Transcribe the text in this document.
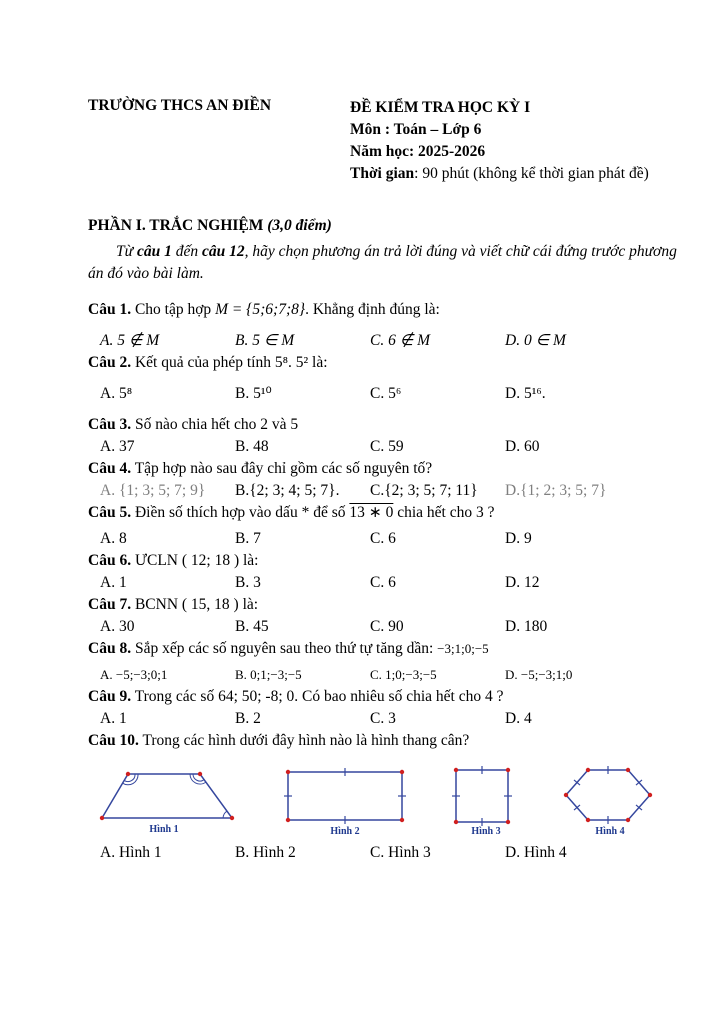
TRƯỜNG THCS AN ĐIỀN	ĐỀ KIỂM TRA HỌC KỲ I
Môn : Toán – Lớp 6
Năm học: 2025-2026
Thời gian: 90 phút (không kể thời gian phát đề)
PHẦN I. TRẮC NGHIỆM (3,0 điểm)

Từ câu 1 đến câu 12, hãy chọn phương án trả lời đúng và viết chữ cái đứng trước phương án đó vào bài làm.

Câu 1. Cho tập hợp M = {5;6;7;8}. Khẳng định đúng là:
A. 5 ∉ M	B. 5 ∈ M	C. 6 ∉ M	D. 0 ∈ M
Câu 2. Kết quả của phép tính 5⁸. 5² là:
A. 5⁸	B. 5¹⁰	C. 5⁶	D. 5¹⁶.
Câu 3. Số nào chia hết cho 2 và 5
A. 37	B. 48	C. 59	D. 60
Câu 4. Tập hợp nào sau đây chỉ gồm các số nguyên tố?
A. {1; 3; 5; 7; 9}	B.{2; 3; 4; 5; 7}.	C.{2; 3; 5; 7; 11}	D.{1; 2; 3; 5; 7}
Câu 5. Điền số thích hợp vào dấu * để số 13 ∗ 0 chia hết cho 3 ?
A. 8	B. 7	C. 6	D. 9
Câu 6. ƯCLN ( 12; 18 ) là:
A. 1	B. 3	C. 6	D. 12
Câu 7. BCNN ( 15, 18 ) là:
A. 30	B. 45	C. 90	D. 180
Câu 8. Sắp xếp các số nguyên sau theo thứ tự tăng dần: −3;1;0;−5
A. −5;−3;0;1	B. 0;1;−3;−5	C. 1;0;−3;−5	D. −5;−3;1;0
Câu 9. Trong các số 64; 50; -8; 0. Có bao nhiêu số chia hết cho 4 ?
A. 1	B. 2	C. 3	D. 4
Câu 10. Trong các hình dưới đây hình nào là hình thang cân?
Hình 1	Hình 2	Hình 3	Hình 4
A. Hình 1	B. Hình 2	C. Hình 3	D. Hình 4
